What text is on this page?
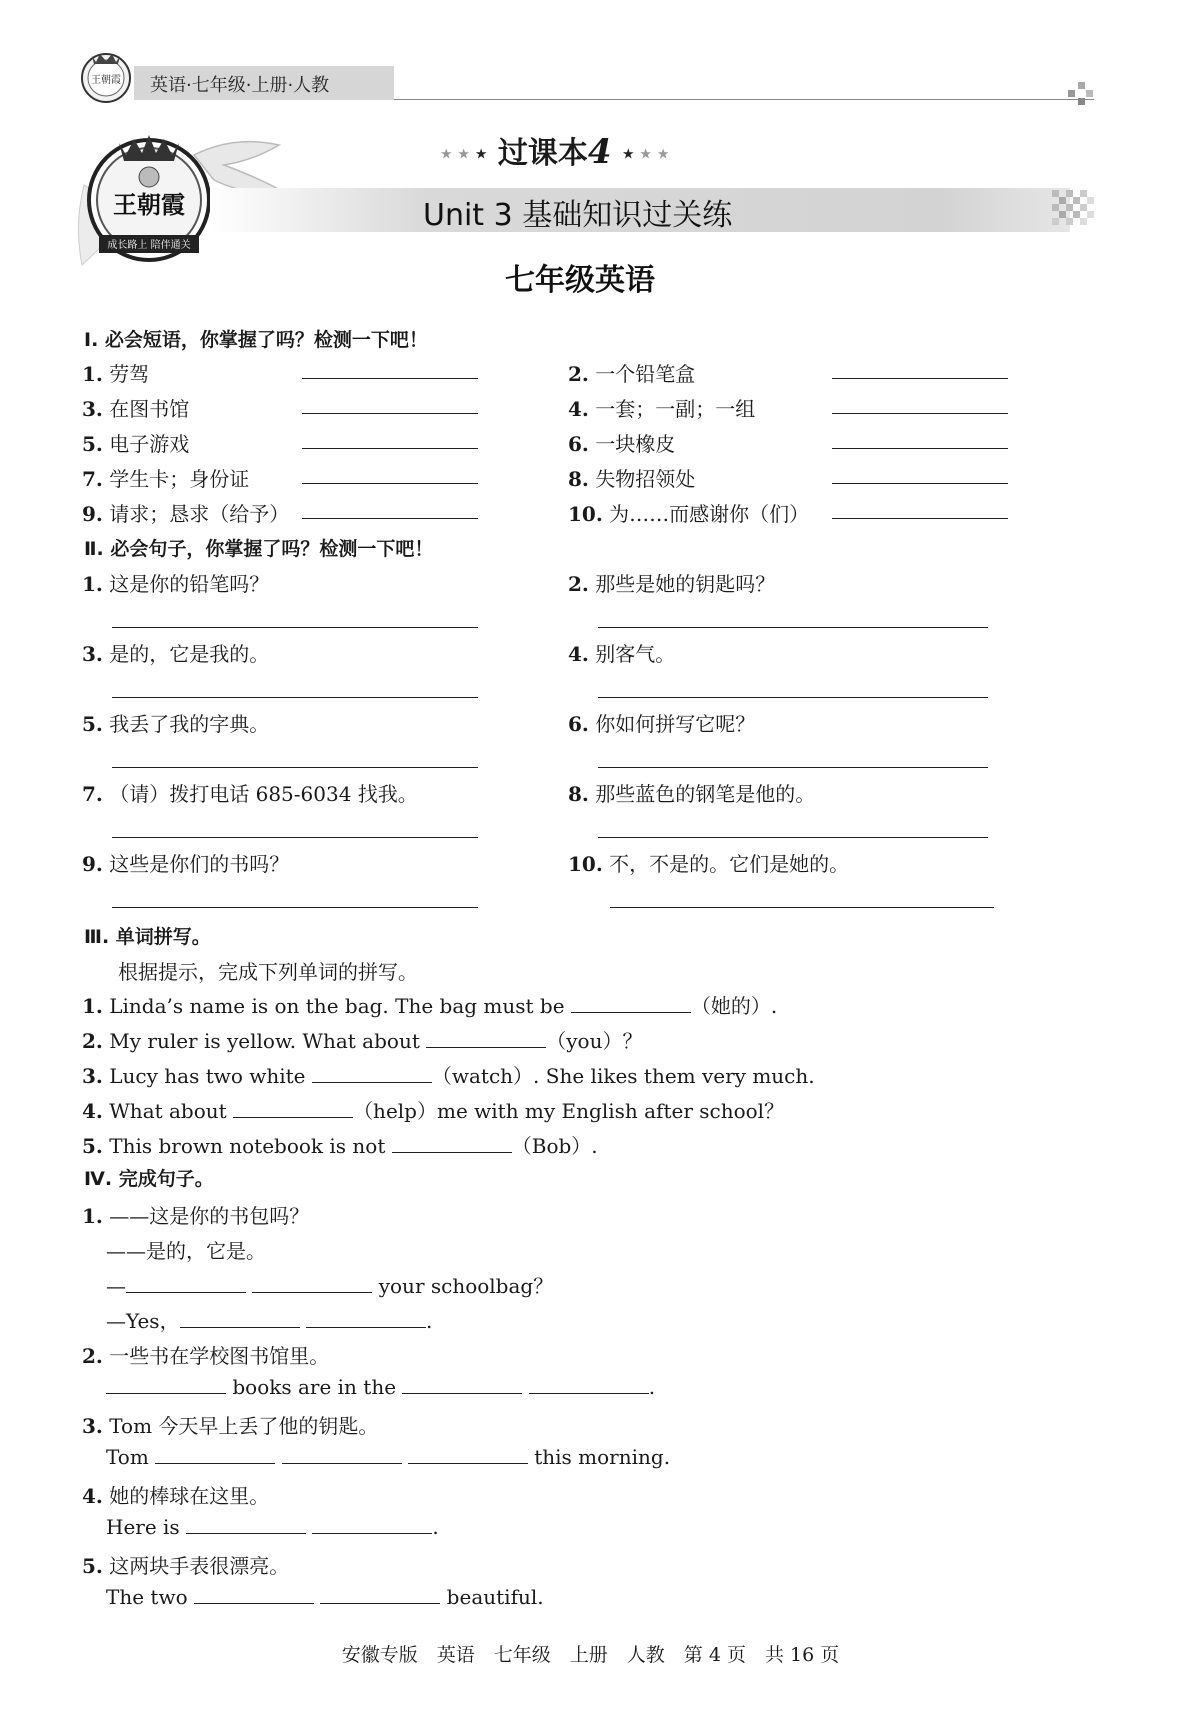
王朝霞 英语·七年级·上册·人教
王朝霞
成长路上 陪伴通关
★ ★ ★ 过课本4 ★ ★ ★
Unit 3 基础知识过关练
七年级英语
Ⅰ. 必会短语，你掌握了吗？检测一下吧！
1. 劳驾	2. 一个铅笔盒
3. 在图书馆	4. 一套；一副；一组
5. 电子游戏	6. 一块橡皮
7. 学生卡；身份证	8. 失物招领处
9. 请求；恳求（给予）	10. 为……而感谢你（们）
Ⅱ. 必会句子，你掌握了吗？检测一下吧！
1. 这是你的铅笔吗？	2. 那些是她的钥匙吗？
3. 是的，它是我的。	4. 别客气。
5. 我丢了我的字典。	6. 你如何拼写它呢？
7. （请）拨打电话 685-6034 找我。	8. 那些蓝色的钢笔是他的。
9. 这些是你们的书吗？	10. 不，不是的。它们是她的。
Ⅲ. 单词拼写。
根据提示，完成下列单词的拼写。
1. Linda’s name is on the bag. The bag must be	（她的）.
2. My ruler is yellow. What about	（you）？
3. Lucy has two white	（watch）. She likes them very much.
4. What about	（help）me with my English after school？
5. This brown notebook is not	（Bob）.
Ⅳ. 完成句子。
1. ——这是你的书包吗？
——是的，它是。
—	your schoolbag？
—Yes，	.
2. 一些书在学校图书馆里。
books are in the	.
3. Tom 今天早上丢了他的钥匙。
Tom	this morning.
4. 她的棒球在这里。
Here is	.
5. 这两块手表很漂亮。
The two	beautiful.
安徽专版　英语　七年级　上册　人教　第 4 页　共 16 页
